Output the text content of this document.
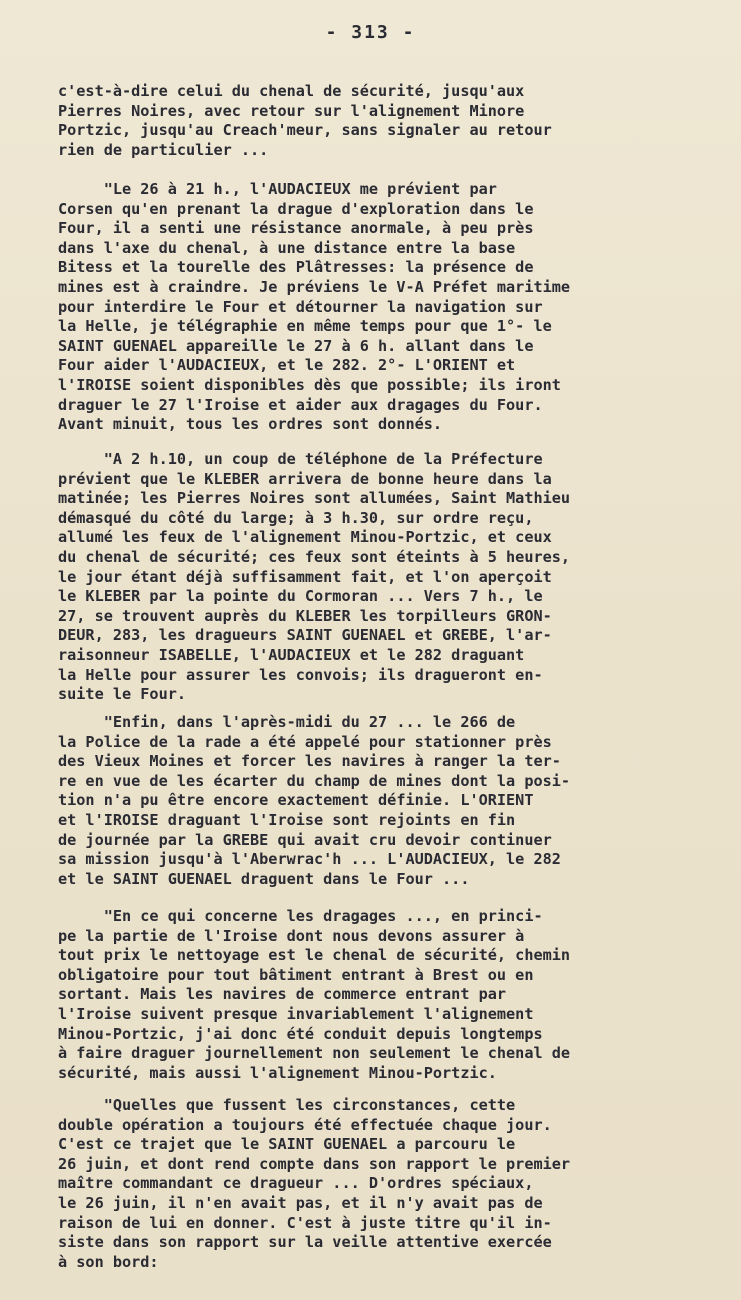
- 313 -
c'est-à-dire celui du chenal de sécurité, jusqu'aux
Pierres Noires, avec retour sur l'alignement Minore
Portzic, jusqu'au Creach'meur, sans signaler au retour
rien de particulier ...
"Le 26 à 21 h., l'AUDACIEUX me prévient par
Corsen qu'en prenant la drague d'exploration dans le
Four, il a senti une résistance anormale, à peu près
dans l'axe du chenal, à une distance entre la base
Bitess et la tourelle des Plâtresses: la présence de
mines est à craindre. Je préviens le V-A Préfet maritime
pour interdire le Four et détourner la navigation sur
la Helle, je télégraphie en même temps pour que 1°- le
SAINT GUENAEL appareille le 27 à 6 h. allant dans le
Four aider l'AUDACIEUX, et le 282. 2°- L'ORIENT et
l'IROISE soient disponibles dès que possible; ils iront
draguer le 27 l'Iroise et aider aux dragages du Four.
Avant minuit, tous les ordres sont donnés.
"A 2 h.10, un coup de téléphone de la Préfecture
prévient que le KLEBER arrivera de bonne heure dans la
matinée; les Pierres Noires sont allumées, Saint Mathieu
démasqué du côté du large; à 3 h.30, sur ordre reçu,
allumé les feux de l'alignement Minou-Portzic, et ceux
du chenal de sécurité; ces feux sont éteints à 5 heures,
le jour étant déjà suffisamment fait, et l'on aperçoit
le KLEBER par la pointe du Cormoran ... Vers 7 h., le
27, se trouvent auprès du KLEBER les torpilleurs GRON-
DEUR, 283, les dragueurs SAINT GUENAEL et GREBE, l'ar-
raisonneur ISABELLE, l'AUDACIEUX et le 282 draguant
la Helle pour assurer les convois; ils dragueront en-
suite le Four.
"Enfin, dans l'après-midi du 27 ... le 266 de
la Police de la rade a été appelé pour stationner près
des Vieux Moines et forcer les navires à ranger la ter-
re en vue de les écarter du champ de mines dont la posi-
tion n'a pu être encore exactement définie. L'ORIENT
et l'IROISE draguant l'Iroise sont rejoints en fin
de journée par la GREBE qui avait cru devoir continuer
sa mission jusqu'à l'Aberwrac'h ... L'AUDACIEUX, le 282
et le SAINT GUENAEL draguent dans le Four ...
"En ce qui concerne les dragages ..., en princi-
pe la partie de l'Iroise dont nous devons assurer à
tout prix le nettoyage est le chenal de sécurité, chemin
obligatoire pour tout bâtiment entrant à Brest ou en
sortant. Mais les navires de commerce entrant par
l'Iroise suivent presque invariablement l'alignement
Minou-Portzic, j'ai donc été conduit depuis longtemps
à faire draguer journellement non seulement le chenal de
sécurité, mais aussi l'alignement Minou-Portzic.
"Quelles que fussent les circonstances, cette
double opération a toujours été effectuée chaque jour.
C'est ce trajet que le SAINT GUENAEL a parcouru le
26 juin, et dont rend compte dans son rapport le premier
maître commandant ce dragueur ... D'ordres spéciaux,
le 26 juin, il n'en avait pas, et il n'y avait pas de
raison de lui en donner. C'est à juste titre qu'il in-
siste dans son rapport sur la veille attentive exercée
à son bord:
